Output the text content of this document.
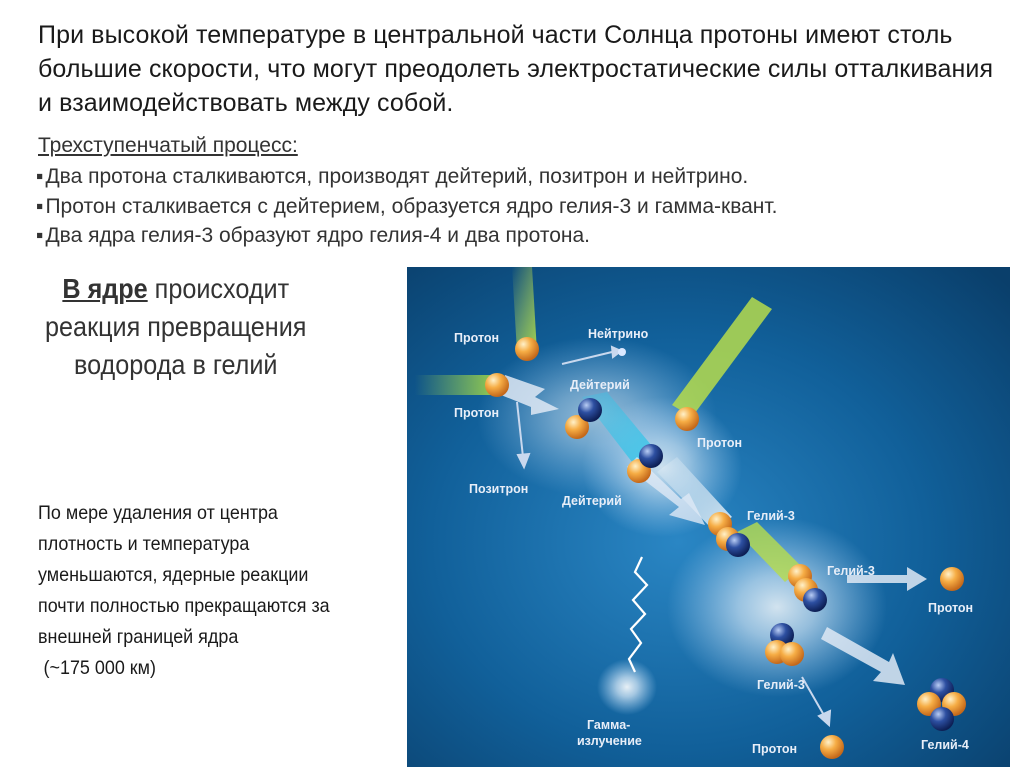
При высокой температуре в центральной части Солнца протоны имеют столь большие скорости, что могут преодолеть электростатические силы отталкивания и взаимодействовать между собой.
Трехступенчатый процесс:
▪ Два протона сталкиваются, производят дейтерий, позитрон и нейтрино.
▪ Протон сталкивается с дейтерием, образуется ядро гелия-3 и гамма-квант.
▪ Два ядра гелия-3 образуют ядро гелия-4 и два протона.
В ядре происходит реакция превращения водорода в гелий
По мере удаления от центра плотность и температура уменьшаются, ядерные реакции почти полностью прекращаются за внешней границей ядра
(~175 000 км)
Протон	Нейтрино
Дейтерий
Протон
Протон
Позитрон
Дейтерий
Гелий-3
Гелий-3
Протон
Гамма-
излучение
Гелий-3
Протон	Гелий-4
